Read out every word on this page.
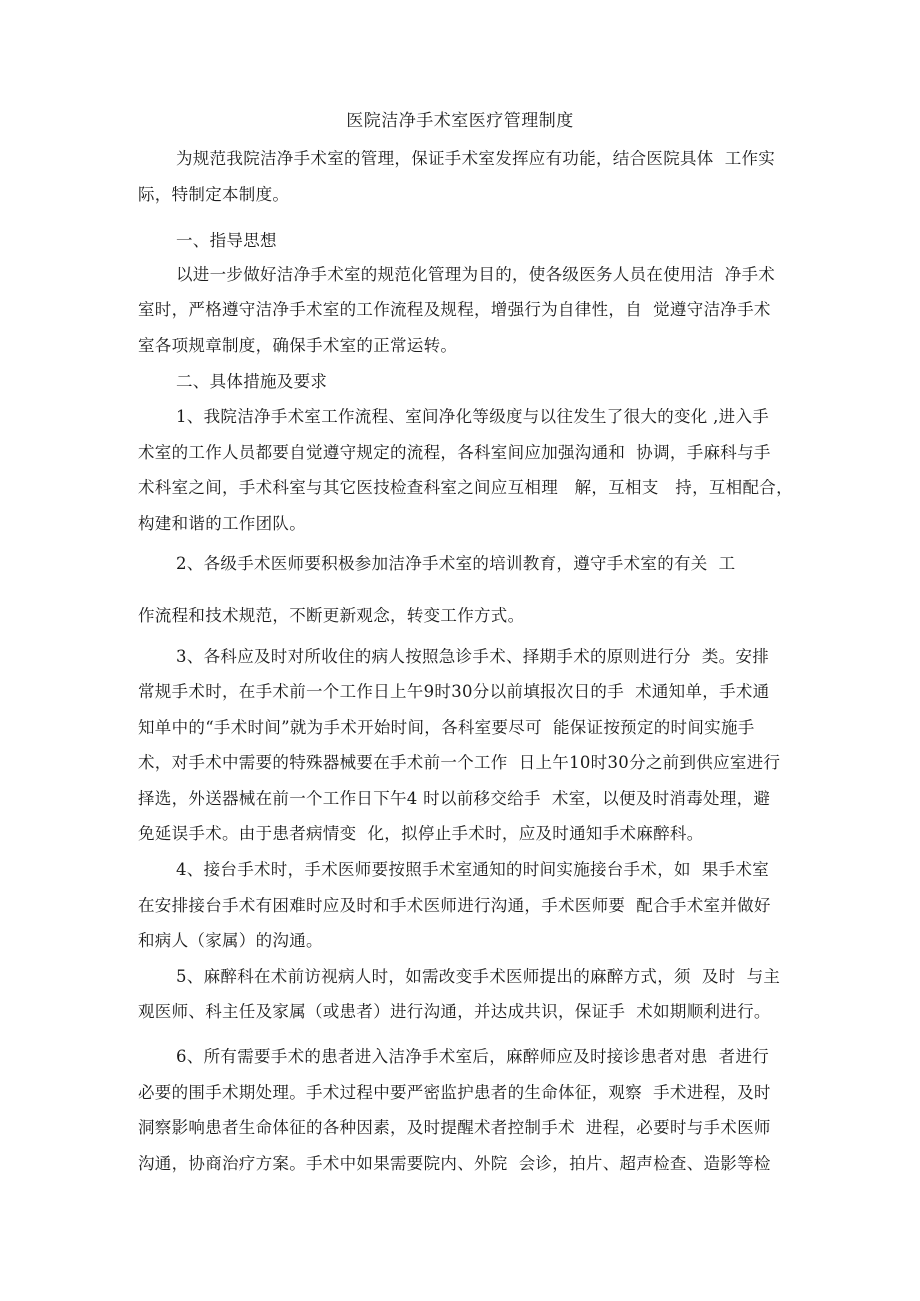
医院洁净手术室医疗管理制度
为规范我院洁净手术室的管理，保证手术室发挥应有功能，结合医院具体  工作实
际，特制定本制度。
一、指导思想
以进一步做好洁净手术室的规范化管理为目的，使各级医务人员在使用洁  净手术
室时，严格遵守洁净手术室的工作流程及规程，增强行为自律性，自  觉遵守洁净手术
室各项规章制度，确保手术室的正常运转。
二、具体措施及要求
1、我院洁净手术室工作流程、室间净化等级度与以往发生了很大的变化 ,进入手
术室的工作人员都要自觉遵守规定的流程，各科室间应加强沟通和  协调，手麻科与手
术科室之间，手术科室与其它医技检查科室之间应互相理   解，互相支   持，互相配合，
构建和谐的工作团队。
2、各级手术医师要积极参加洁净手术室的培训教育，遵守手术室的有关  工
作流程和技术规范，不断更新观念，转变工作方式。
3、各科应及时对所收住的病人按照急诊手术、择期手术的原则进行分  类。安排
常规手术时，在手术前一个工作日上午9时30分以前填报次日的手  术通知单，手术通
知单中的“手术时间”就为手术开始时间，各科室要尽可  能保证按预定的时间实施手
术，对手术中需要的特殊器械要在手术前一个工作  日上午10时30分之前到供应室进行
择选，外送器械在前一个工作日下午4 时以前移交给手  术室，以便及时消毒处理，避
免延误手术。由于患者病情变  化，拟停止手术时，应及时通知手术麻醉科。
4、接台手术时，手术医师要按照手术室通知的时间实施接台手术，如  果手术室
在安排接台手术有困难时应及时和手术医师进行沟通，手术医师要  配合手术室并做好
和病人（家属）的沟通。
5、麻醉科在术前访视病人时，如需改变手术医师提出的麻醉方式，须  及时  与主
观医师、科主任及家属（或患者）进行沟通，并达成共识，保证手  术如期顺利进行。
6、所有需要手术的患者进入洁净手术室后，麻醉师应及时接诊患者对患  者进行
必要的围手术期处理。手术过程中要严密监护患者的生命体征，观察  手术进程，及时
洞察影响患者生命体征的各种因素，及时提醒术者控制手术  进程，必要时与手术医师
沟通，协商治疗方案。手术中如果需要院内、外院  会诊，拍片、超声检查、造影等检
